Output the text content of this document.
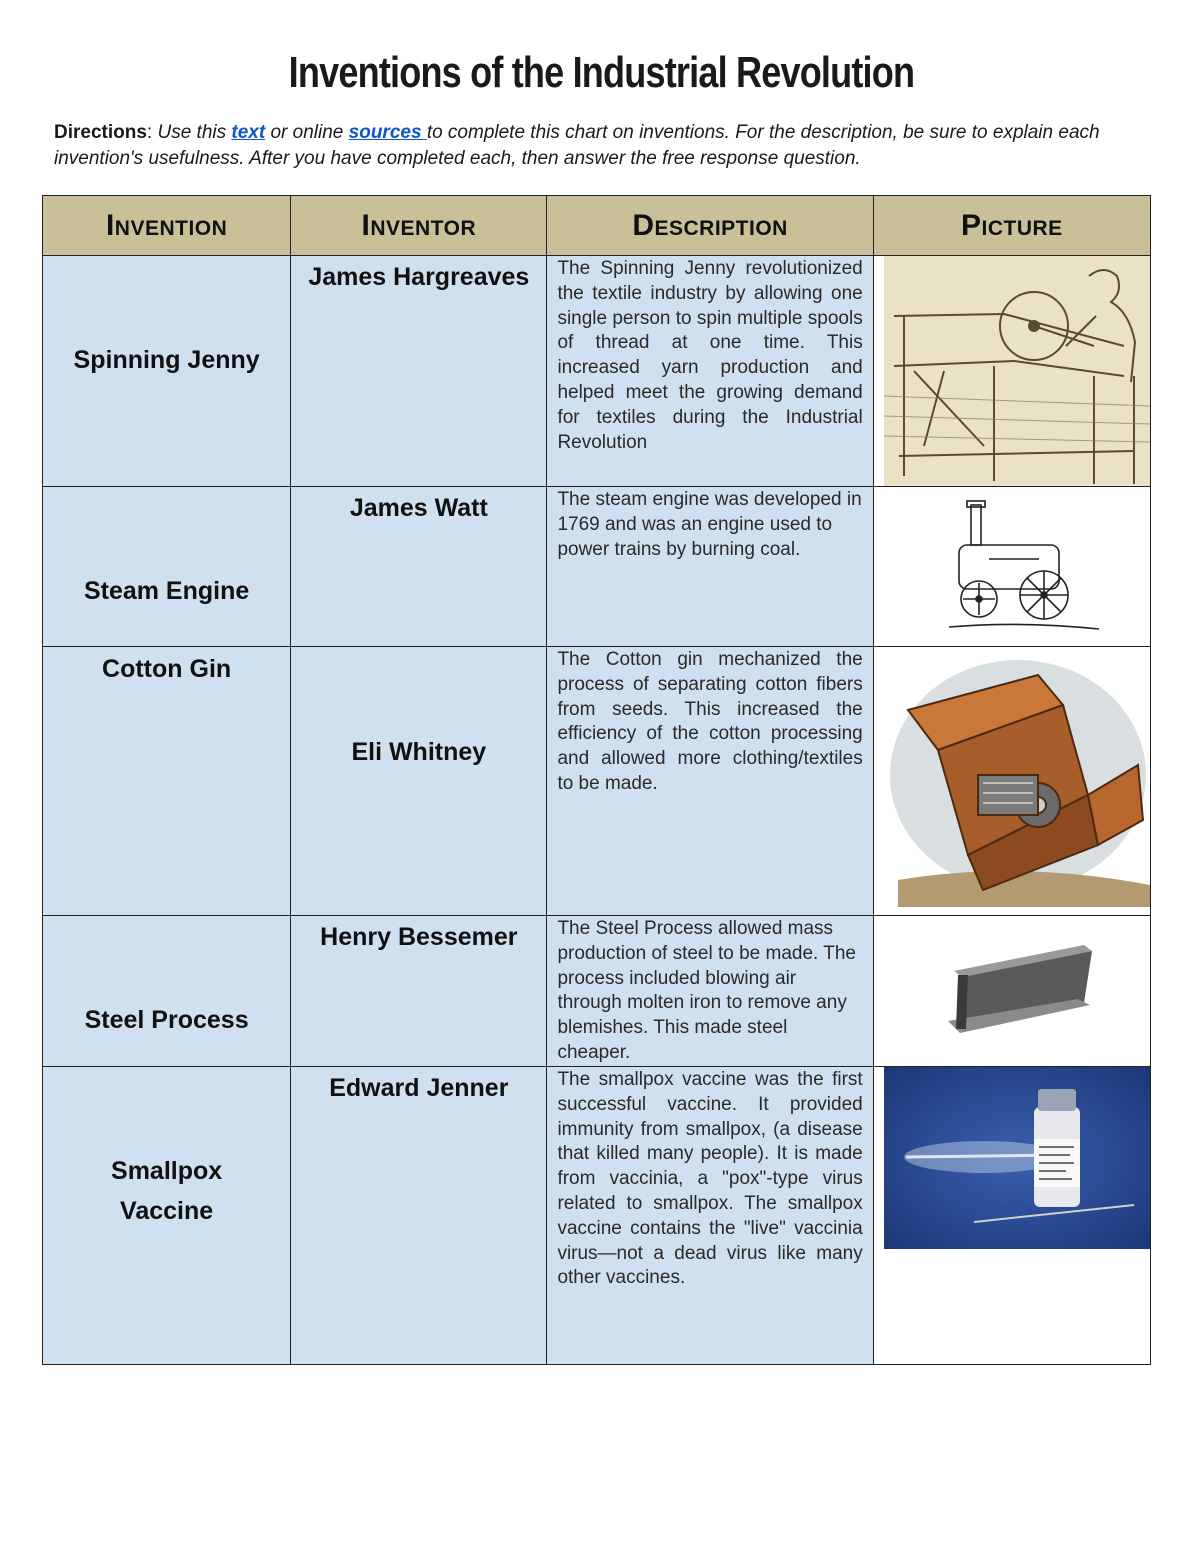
Inventions of the Industrial Revolution
Directions: Use this text or online sources to complete this chart on inventions. For the description, be sure to explain each invention's usefulness. After you have completed each, then answer the free response question.
Invention	Inventor	Description	Picture

Spinning Jenny	James Hargreaves	The Spinning Jenny revolutionized the textile industry by allowing one single person to spin multiple spools of thread at one time. This increased yarn production and helped meet the growing demand for textiles during the Industrial Revolution

Steam Engine	James Watt	The steam engine was developed in 1769 and was an engine used to power trains by burning coal.

Cotton Gin	Eli Whitney	The Cotton gin mechanized the process of separating cotton fibers from seeds. This increased the efficiency of the cotton processing and allowed more clothing/textiles to be made.

Steel Process	Henry Bessemer	The Steel Process allowed mass production of steel to be made. The process included blowing air through molten iron to remove any blemishes. This made steel cheaper.

Smallpox
Vaccine	Edward Jenner	The smallpox vaccine was the first successful vaccine. It provided immunity from smallpox, (a disease that killed many people). It is made from vaccinia, a "pox"-type virus related to smallpox. The smallpox vaccine contains the "live" vaccinia virus—not a dead virus like many other vaccines.
